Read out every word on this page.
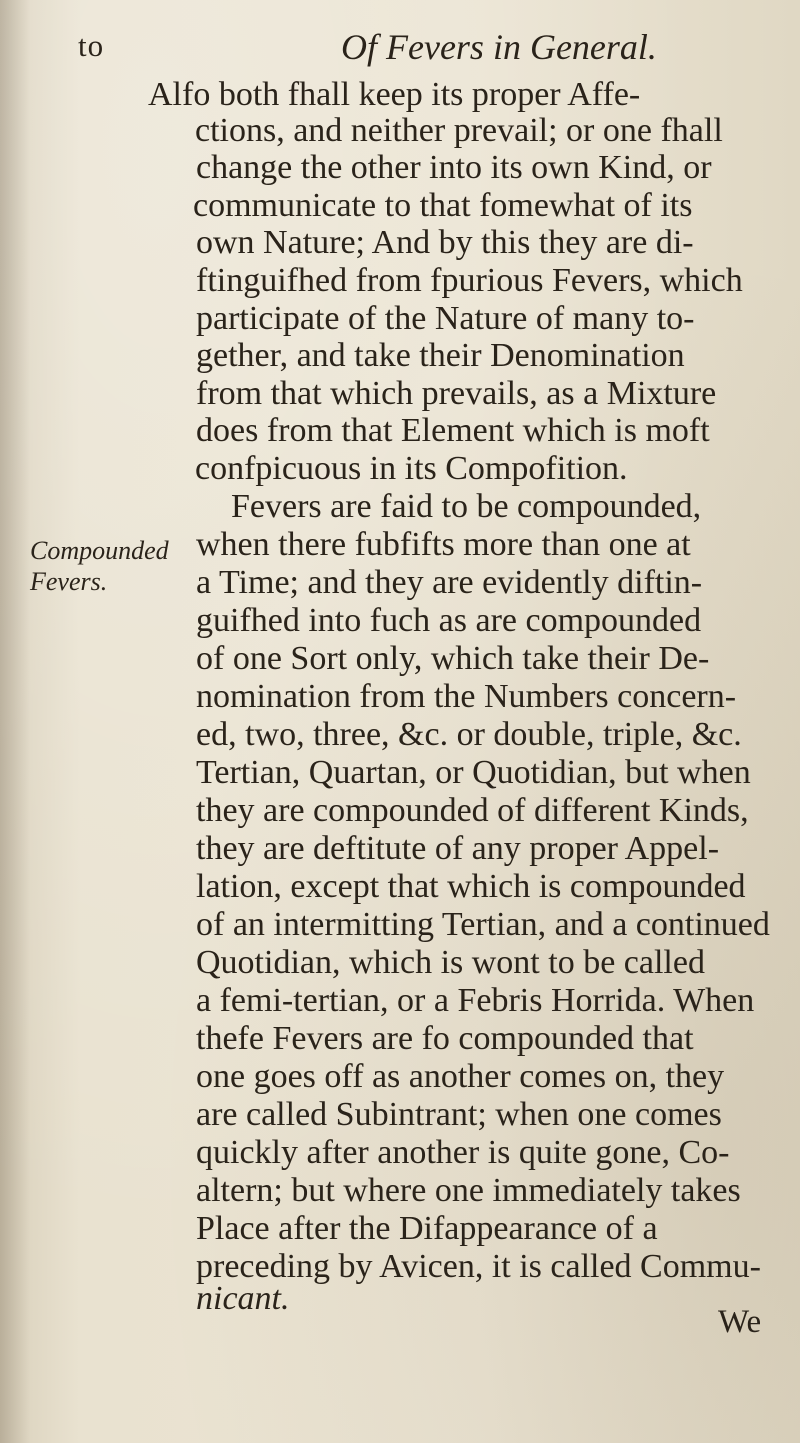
to	Of Fevers in General.
Compounded
Fevers.
Alfo both fhall keep its proper Affe-
ctions, and neither prevail; or one fhall
change the other into its own Kind, or
communicate to that fomewhat of its
own Nature; And by this they are di-
ftinguifhed from fpurious Fevers, which
participate of the Nature of many to-
gether, and take their Denomination
from that which prevails, as a Mixture
does from that Element which is moft
confpicuous in its Compofition.
Fevers are faid to be compounded,
when there fubfifts more than one at
a Time; and they are evidently diftin-
guifhed into fuch as are compounded
of one Sort only, which take their De-
nomination from the Numbers concern-
ed, two, three, &c. or double, triple, &c.
Tertian, Quartan, or Quotidian, but when
they are compounded of different Kinds,
they are deftitute of any proper Appel-
lation, except that which is compounded
of an intermitting Tertian, and a continued
Quotidian, which is wont to be called
a femi-tertian, or a Febris Horrida. When
thefe Fevers are fo compounded that
one goes off as another comes on, they
are called Subintrant; when one comes
quickly after another is quite gone, Co-
altern; but where one immediately takes
Place after the Difappearance of a
preceding by Avicen, it is called Commu-
nicant.
We
